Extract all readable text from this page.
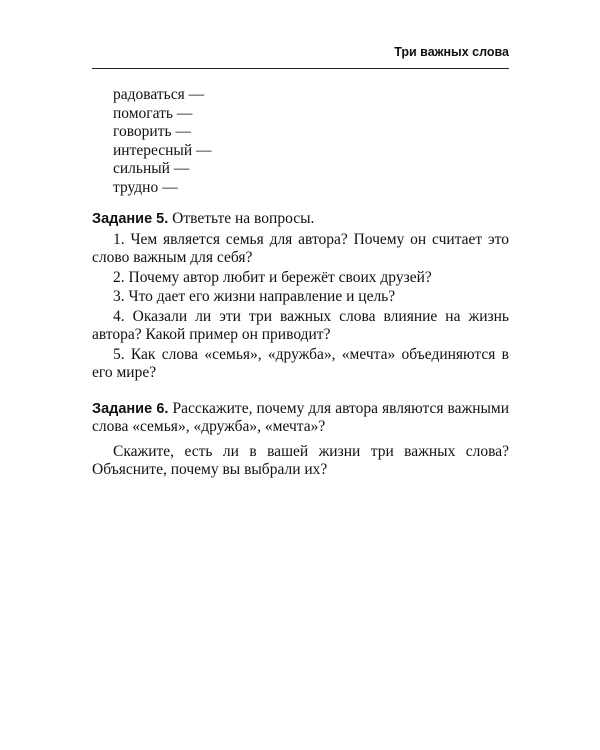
Три важных слова
радоваться —
помогать —
говорить —
интересный —
сильный —
трудно —

Задание 5. Ответьте на вопросы.

1. Чем является семья для автора? Почему он считает это слово важным для себя?
2. Почему автор любит и бережёт своих друзей?
3. Что дает его жизни направление и цель?
4. Оказали ли эти три важных слова влияние на жизнь автора? Какой пример он приводит?
5. Как слова «семья», «дружба», «мечта» объединяются в его мире?

Задание 6. Расскажите, почему для автора являются важными слова «семья», «дружба», «мечта»?

Скажите, есть ли в вашей жизни три важных слова? Объясните, почему вы выбрали их?
